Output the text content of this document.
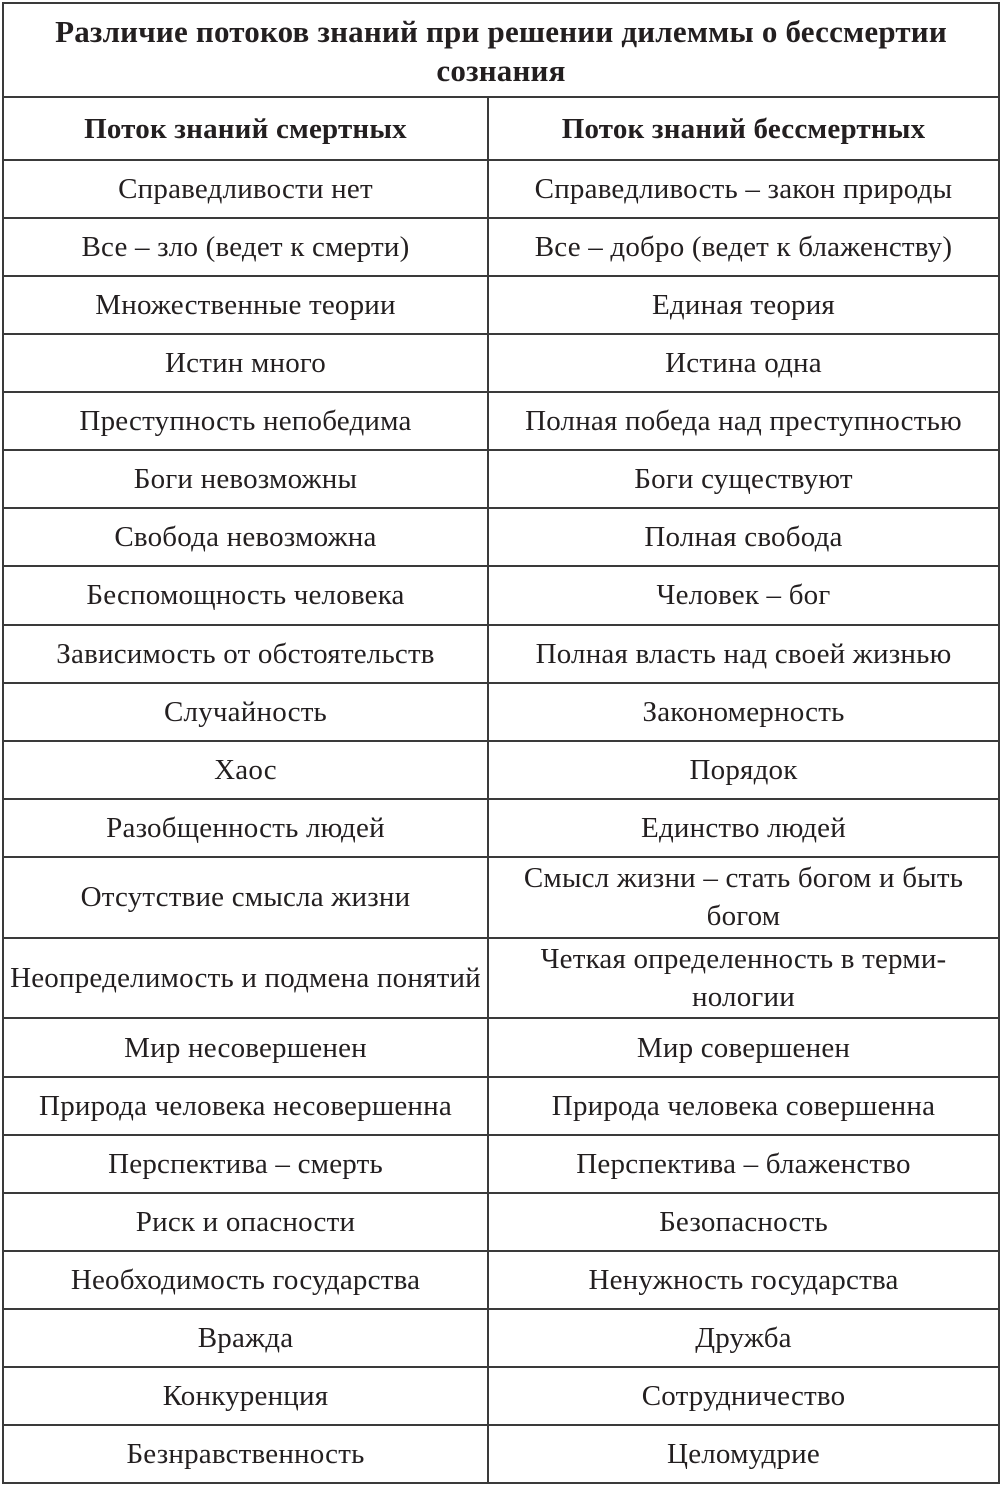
Различие потоков знаний при решении дилеммы о бессмертии сознания	
Поток знаний смертных	Поток знаний бессмертных
Справедливости нет	Справедливость – закон природы
Все – зло (ведет к смерти)	Все – добро (ведет к блаженству)
Множественные теории	Единая теория
Истин много	Истина одна
Преступность непобедима	Полная победа над преступностью
Боги невозможны	Боги существуют
Свобода невозможна	Полная свобода
Беспомощность человека	Человек – бог
Зависимость от обстоятельств	Полная власть над своей жизнью
Случайность	Закономерность
Хаос	Порядок
Разобщенность людей	Единство людей
Отсутствие смысла жизни	Смысл жизни – стать богом и быть богом
Неопределимость и подмена понятий	Четкая определенность в терми-нологии
Мир несовершенен	Мир совершенен
Природа человека несовершенна	Природа человека совершенна
Перспектива – смерть	Перспектива – блаженство
Риск и опасности	Безопасность
Необходимость государства	Ненужность государства
Вражда	Дружба
Конкуренция	Сотрудничество
Безнравственность	Целомудрие
